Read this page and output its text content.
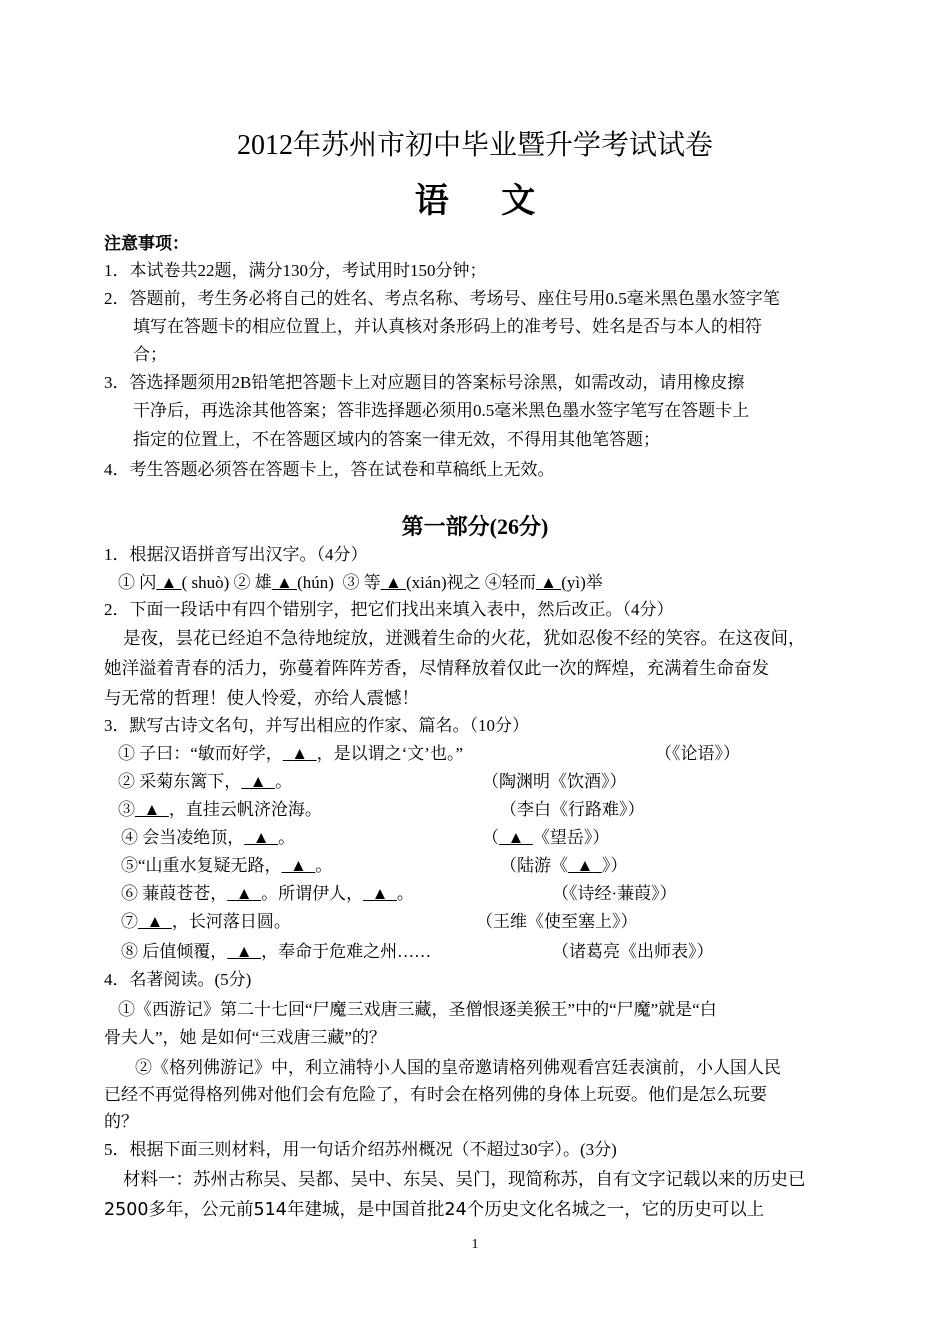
2012年苏州市初中毕业暨升学考试试卷
语 文
注意事项：
1．本试卷共22题，满分130分，考试用时150分钟；
2．答题前，考生务必将自己的姓名、考点名称、考场号、座住号用0.5毫米黑色墨水签字笔
填写在答题卡的相应位置上，并认真核对条形码上的准考号、姓名是否与本人的相符
合；
3．答选择题须用2B铅笔把答题卡上对应题目的答案标号涂黑，如需改动，请用橡皮擦
干净后，再选涂其他答案；答非选择题必须用0.5毫米黑色墨水签字笔写在答题卡上
指定的位置上，不在答题区域内的答案一律无效，不得用其他笔答题；
4．考生答题必须答在答题卡上，答在试卷和草稿纸上无效。
第一部分(26分)
1．根据汉语拼音写出汉字。（4分）
① 闪 ▲ ( shuò) ② 雄 ▲ (hún) ③ 等 ▲ (xián)视之 ④轻而 ▲ (yì)举
2．下面一段话中有四个错别字，把它们找出来填入表中，然后改正。（4分）
是夜，昙花已经迫不急待地绽放，迸溅着生命的火花，犹如忍俊不经的笑容。在这夜间，
她洋溢着青春的活力，弥蔓着阵阵芳香，尽情释放着仅此一次的辉煌，充满着生命奋发
与无常的哲理！使人怜爱，亦给人震憾！
3．默写古诗文名句，并写出相应的作家、篇名。（10分）
① 子曰：“敏而好学， ▲ ，是以谓之‘文’也。”	（《论语》）
② 采菊东篱下， ▲ 。	（陶渊明《饮酒》）
③ ▲ ，直挂云帆济沧海。	（李白《行路难》）
④ 会当凌绝顶， ▲ 。	（ ▲ 《望岳》）
⑤“山重水复疑无路， ▲ 。	（陆游《 ▲ 》）
⑥ 蒹葭苍苍， ▲ 。所谓伊人， ▲ 。	（《诗经·蒹葭》）
⑦ ▲ ，长河落日圆。	（王维《使至塞上》）
⑧ 后值倾覆， ▲ ，奉命于危难之州……	（诸葛亮《出师表》）
4．名著阅读。(5分)
①《西游记》第二十七回“尸魔三戏唐三藏，圣僧恨逐美猴王”中的“尸魔”就是“白
骨夫人”，她 是如何“三戏唐三藏”的？
②《格列佛游记》中，利立浦特小人国的皇帝邀请格列佛观看宫廷表演前，小人国人民
已经不再觉得格列佛对他们会有危险了，有时会在格列佛的身体上玩耍。他们是怎么玩要
的？
5．根据下面三则材料，用一句话介绍苏州概况（不超过30字）。(3分)
材料一：苏州古称吴、吴都、吴中、东吴、吴门，现简称苏，自有文字记载以来的历史已
2500多年，公元前514年建城，是中国首批24个历史文化名城之一，它的历史可以上
1
